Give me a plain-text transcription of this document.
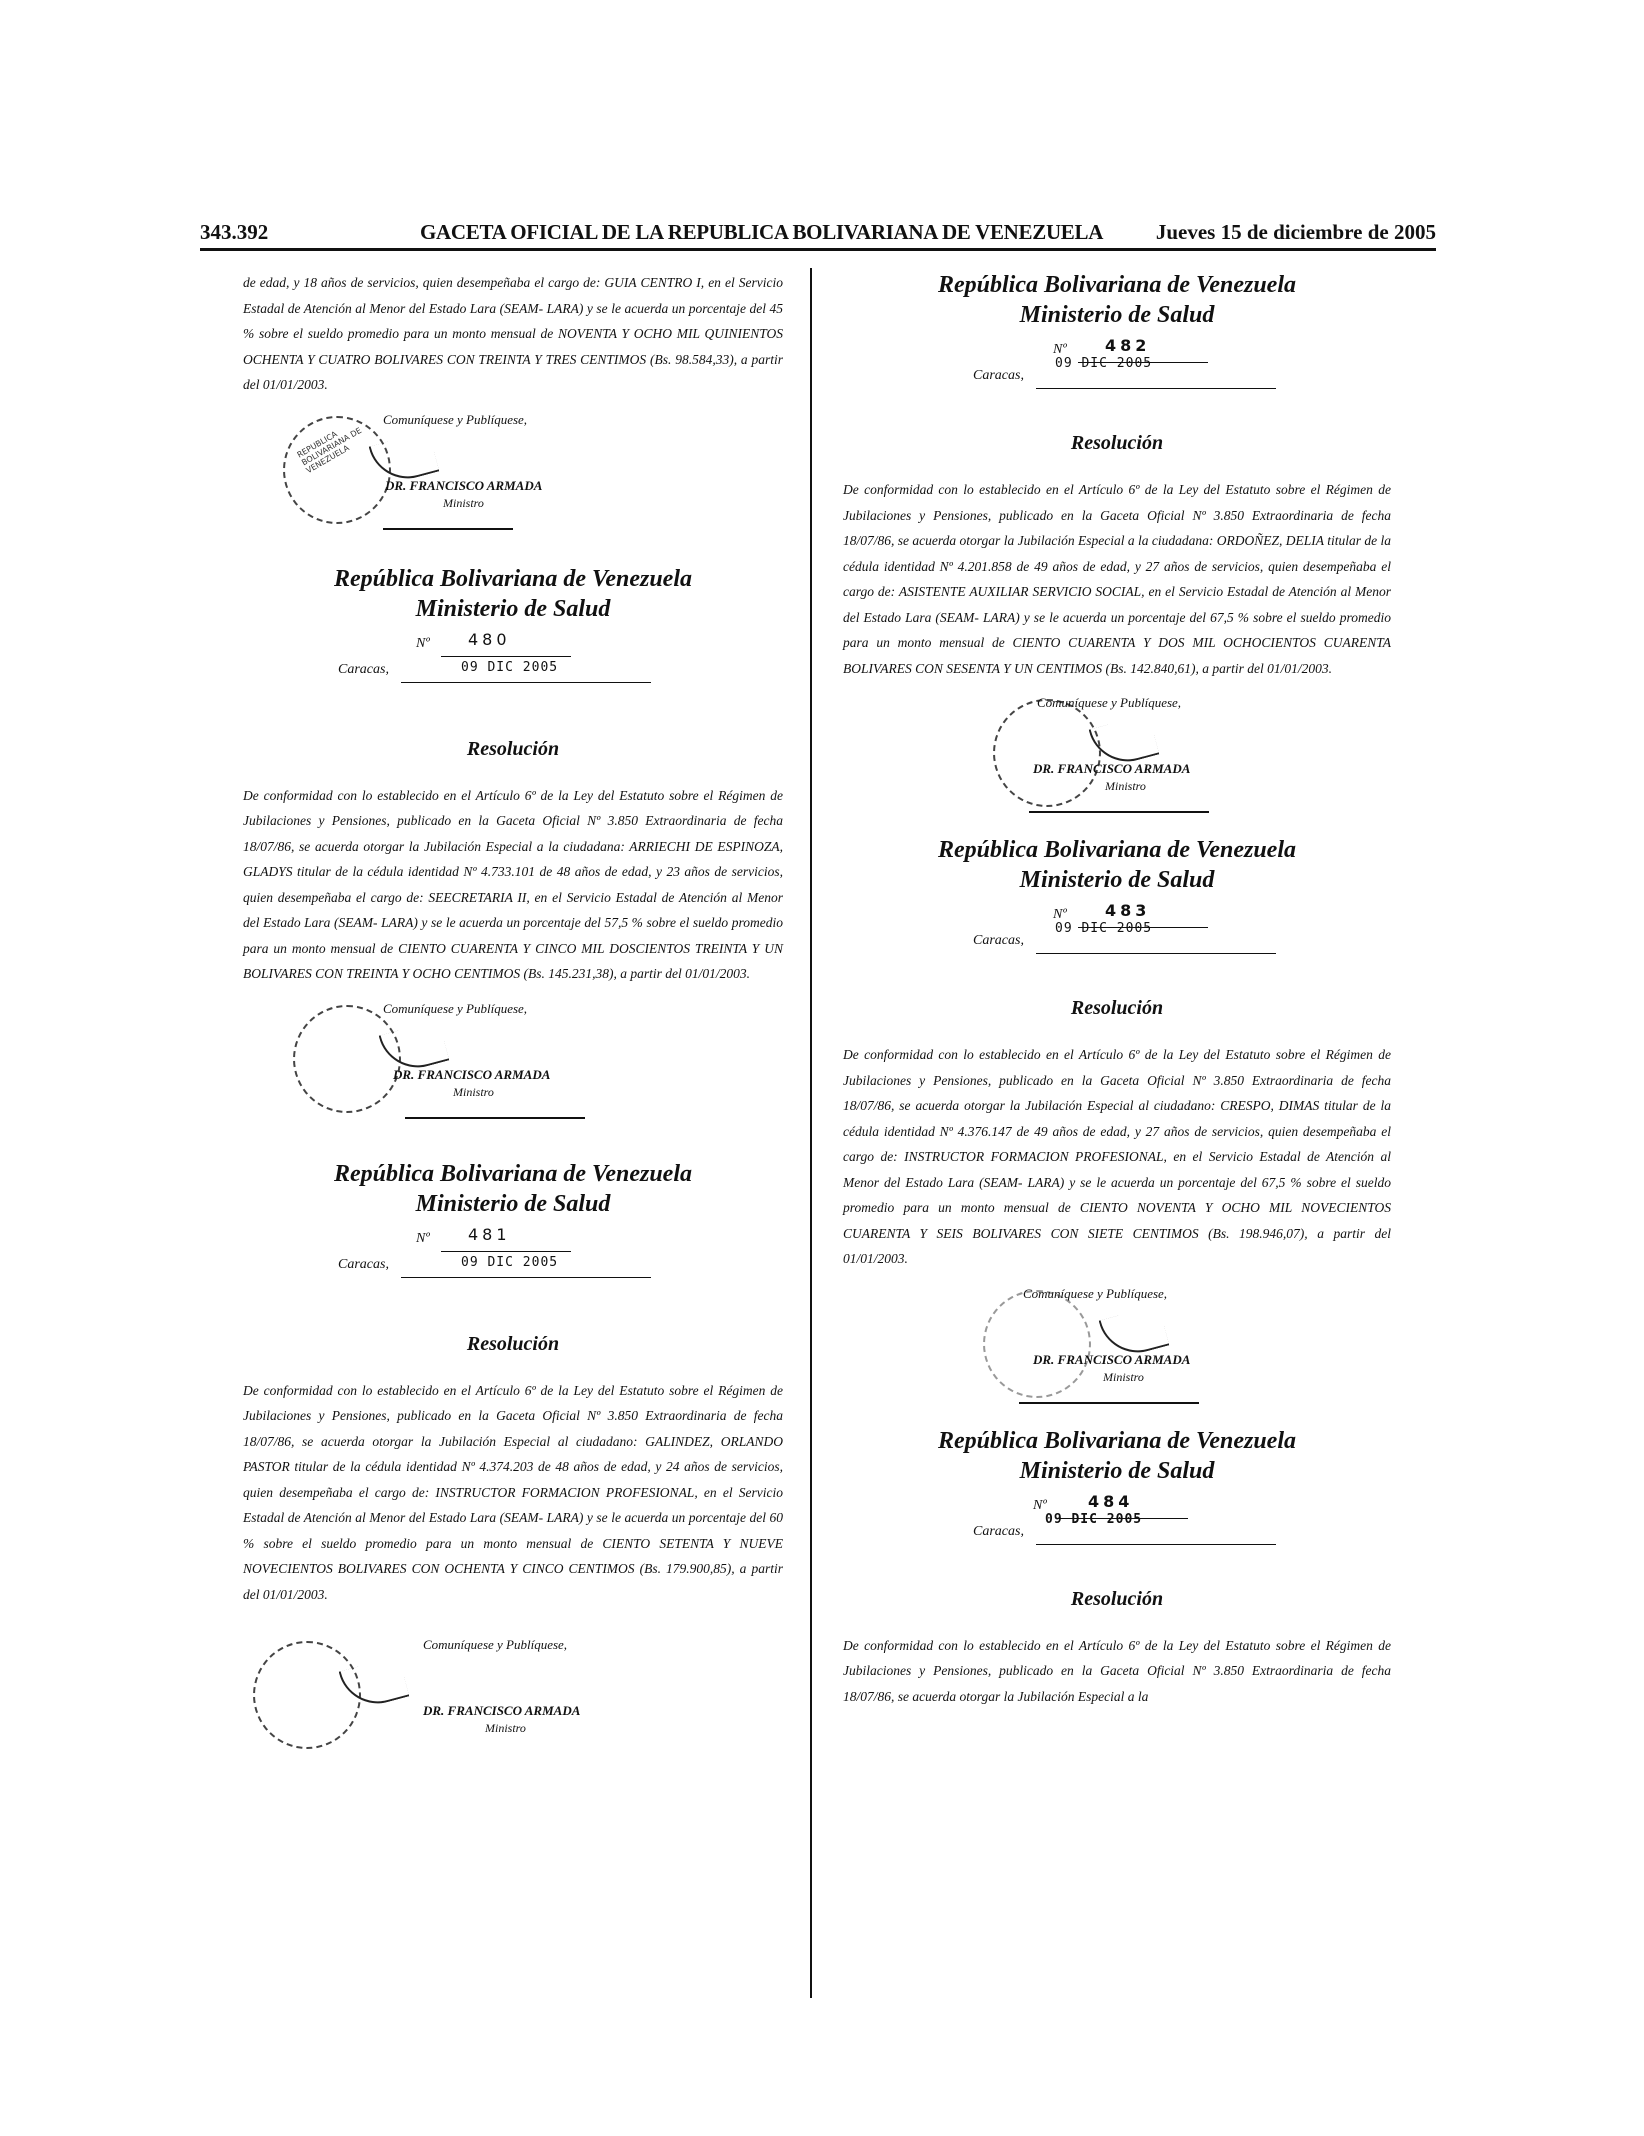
343.392	GACETA OFICIAL DE LA REPUBLICA BOLIVARIANA DE VENEZUELA	Jueves 15 de diciembre de 2005

de edad, y 18 años de servicios, quien desempeñaba el cargo de: GUIA CENTRO I, en el Servicio Estadal de Atención al Menor del Estado Lara (SEAM- LARA) y se le acuerda un porcentaje del 45 % sobre el sueldo promedio para un monto mensual de NOVENTA Y OCHO MIL QUINIENTOS OCHENTA Y CUATRO BOLIVARES CON TREINTA Y TRES CENTIMOS (Bs. 98.584,33), a partir del 01/01/2003.

REPUBLICA BOLIVARIANA DE VENEZUELA
Comuníquese y Publíquese,
DR. FRANCISCO ARMADA
Ministro
República Bolivariana de Venezuela
Ministerio de Salud
Nº 480
Caracas,	09 DIC 2005
Resolución

De conformidad con lo establecido en el Artículo 6º de la Ley del Estatuto sobre el Régimen de Jubilaciones y Pensiones, publicado en la Gaceta Oficial Nº 3.850 Extraordinaria de fecha 18/07/86, se acuerda otorgar la Jubilación Especial a la ciudadana: ARRIECHI DE ESPINOZA, GLADYS titular de la cédula identidad Nº 4.733.101 de 48 años de edad, y 23 años de servicios, quien desempeñaba el cargo de: SEECRETARIA II, en el Servicio Estadal de Atención al Menor del Estado Lara (SEAM- LARA) y se le acuerda un porcentaje del 57,5 % sobre el sueldo promedio para un monto mensual de CIENTO CUARENTA Y CINCO MIL DOSCIENTOS TREINTA Y UN BOLIVARES CON TREINTA Y OCHO CENTIMOS (Bs. 145.231,38), a partir del 01/01/2003.

Comuníquese y Publíquese,
DR. FRANCISCO ARMADA
Ministro
República Bolivariana de Venezuela
Ministerio de Salud
Nº 481
Caracas,	09 DIC 2005
Resolución

De conformidad con lo establecido en el Artículo 6º de la Ley del Estatuto sobre el Régimen de Jubilaciones y Pensiones, publicado en la Gaceta Oficial Nº 3.850 Extraordinaria de fecha 18/07/86, se acuerda otorgar la Jubilación Especial al ciudadano: GALINDEZ, ORLANDO PASTOR titular de la cédula identidad Nº 4.374.203 de 48 años de edad, y 24 años de servicios, quien desempeñaba el cargo de: INSTRUCTOR FORMACION PROFESIONAL, en el Servicio Estadal de Atención al Menor del Estado Lara (SEAM- LARA) y se le acuerda un porcentaje del 60 % sobre el sueldo promedio para un monto mensual de CIENTO SETENTA Y NUEVE NOVECIENTOS BOLIVARES CON OCHENTA Y CINCO CENTIMOS (Bs. 179.900,85), a partir del 01/01/2003.

Comuníquese y Publíquese,
DR. FRANCISCO ARMADA
Ministro
República Bolivariana de Venezuela
Ministerio de Salud
Nº 482
Caracas,
09 DIC 2005
Resolución

De conformidad con lo establecido en el Artículo 6º de la Ley del Estatuto sobre el Régimen de Jubilaciones y Pensiones, publicado en la Gaceta Oficial Nº 3.850 Extraordinaria de fecha 18/07/86, se acuerda otorgar la Jubilación Especial a la ciudadana: ORDOÑEZ, DELIA titular de la cédula identidad Nº 4.201.858 de 49 años de edad, y 27 años de servicios, quien desempeñaba el cargo de: ASISTENTE AUXILIAR SERVICIO SOCIAL, en el Servicio Estadal de Atención al Menor del Estado Lara (SEAM- LARA) y se le acuerda un porcentaje del 67,5 % sobre el sueldo promedio para un monto mensual de CIENTO CUARENTA Y DOS MIL OCHOCIENTOS CUARENTA BOLIVARES CON SESENTA Y UN CENTIMOS (Bs. 142.840,61), a partir del 01/01/2003.

Comuníquese y Publíquese,
DR. FRANCISCO ARMADA
Ministro
República Bolivariana de Venezuela
Ministerio de Salud
Nº 483
Caracas,
09 DIC 2005
Resolución

De conformidad con lo establecido en el Artículo 6º de la Ley del Estatuto sobre el Régimen de Jubilaciones y Pensiones, publicado en la Gaceta Oficial Nº 3.850 Extraordinaria de fecha 18/07/86, se acuerda otorgar la Jubilación Especial al ciudadano: CRESPO, DIMAS titular de la cédula identidad Nº 4.376.147 de 49 años de edad, y 27 años de servicios, quien desempeñaba el cargo de: INSTRUCTOR FORMACION PROFESIONAL, en el Servicio Estadal de Atención al Menor del Estado Lara (SEAM- LARA) y se le acuerda un porcentaje del 67,5 % sobre el sueldo promedio para un monto mensual de CIENTO NOVENTA Y OCHO MIL NOVECIENTOS CUARENTA Y SEIS BOLIVARES CON SIETE CENTIMOS (Bs. 198.946,07), a partir del 01/01/2003.

Comuníquese y Publíquese,
DR. FRANCISCO ARMADA
Ministro
República Bolivariana de Venezuela
Ministerio de Salud
Nº	484
Caracas,
09 DIC 2005
Resolución

De conformidad con lo establecido en el Artículo 6º de la Ley del Estatuto sobre el Régimen de Jubilaciones y Pensiones, publicado en la Gaceta Oficial Nº 3.850 Extraordinaria de fecha 18/07/86, se acuerda otorgar la Jubilación Especial a la
